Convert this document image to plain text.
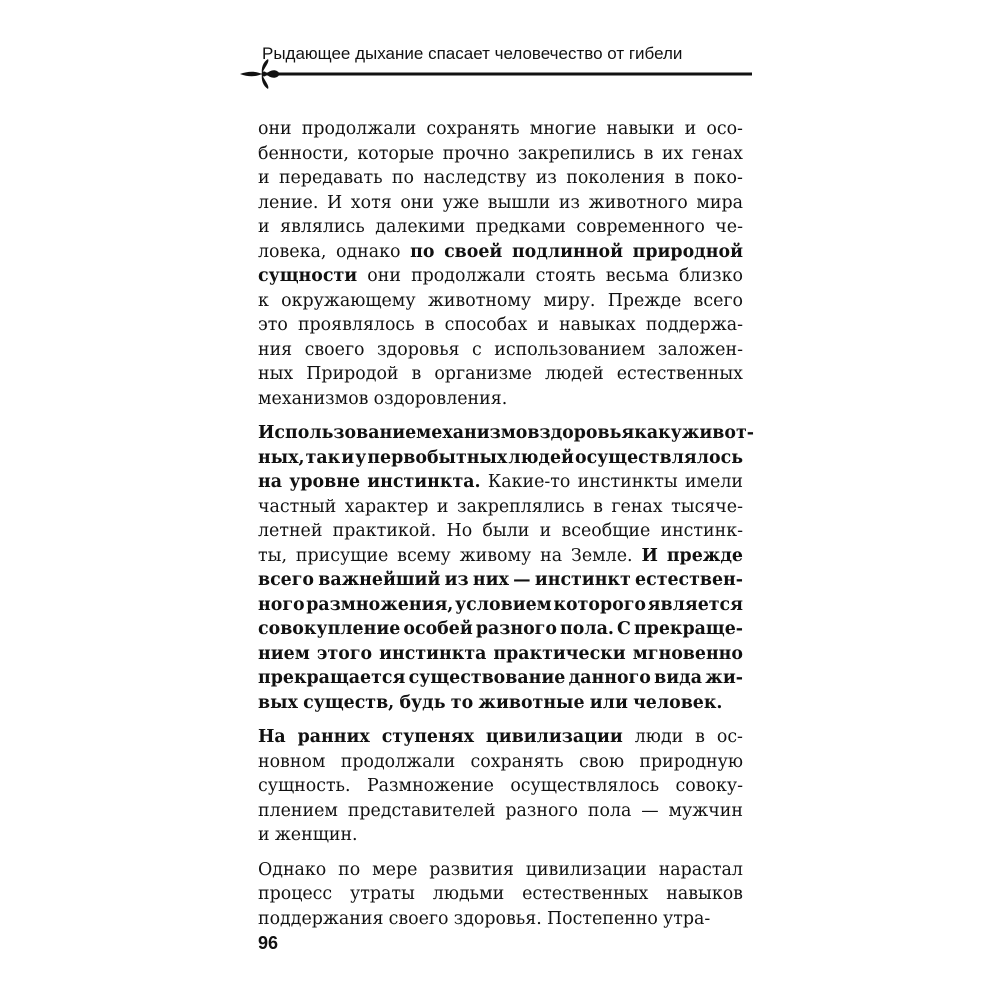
Рыдающее дыхание спасает человечество от гибели
они продолжали сохранять многие навыки и осо-
бенности, которые прочно закрепились в их генах
и передавать по наследству из поколения в поко-
ление. И хотя они уже вышли из животного мира
и являлись далекими предками современного че-
ловека, однако по своей подлинной природной
сущности они продолжали стоять весьма близко
к окружающему животному миру. Прежде всего
это проявлялось в способах и навыках поддержа-
ния своего здоровья с использованием заложен-
ных Природой в организме людей естественных
механизмов оздоровления.
Использование механизмов здоровья как у живот-
ных, так и у первобытных людей осуществлялось
на уровне инстинкта. Какие-то инстинкты имели
частный характер и закреплялись в генах тысяче-
летней практикой. Но были и всеобщие инстинк-
ты, присущие всему живому на Земле. И прежде
всего важнейший из них — инстинкт естествен-
ного размножения, условием которого является
совокупление особей разного пола. С прекраще-
нием этого инстинкта практически мгновенно
прекращается существование данного вида жи-
вых существ, будь то животные или человек.
На ранних ступенях цивилизации люди в ос-
новном продолжали сохранять свою природную
сущность. Размножение осуществлялось совоку-
плением представителей разного пола — мужчин
и женщин.
Однако по мере развития цивилизации нарастал
процесс утраты людьми естественных навыков
поддержания своего здоровья. Постепенно утра-
96
